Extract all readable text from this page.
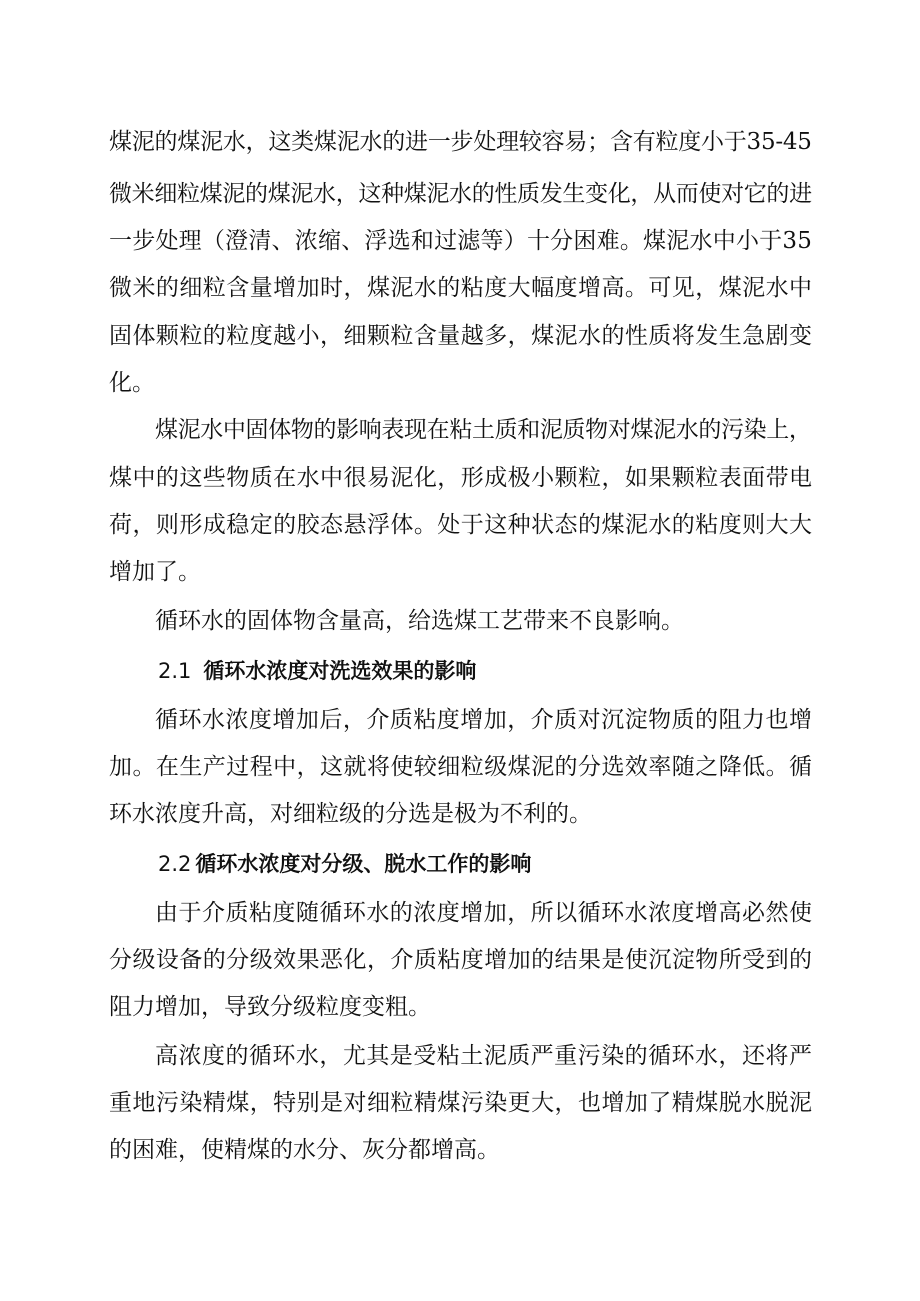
煤泥的煤泥水，这类煤泥水的进一步处理较容易；含有粒度小于35-45
微米细粒煤泥的煤泥水，这种煤泥水的性质发生变化，从而使对它的进
一步处理（澄清、浓缩、浮选和过滤等）十分困难。煤泥水中小于35
微米的细粒含量增加时，煤泥水的粘度大幅度增高。可见，煤泥水中
固体颗粒的粒度越小，细颗粒含量越多，煤泥水的性质将发生急剧变
化。
煤泥水中固体物的影响表现在粘土质和泥质物对煤泥水的污染上，
煤中的这些物质在水中很易泥化，形成极小颗粒，如果颗粒表面带电
荷，则形成稳定的胶态悬浮体。处于这种状态的煤泥水的粘度则大大
增加了。
循环水的固体物含量高，给选煤工艺带来不良影响。
2.1 循环水浓度对洗选效果的影响
循环水浓度增加后，介质粘度增加，介质对沉淀物质的阻力也增
加。在生产过程中，这就将使较细粒级煤泥的分选效率随之降低。循
环水浓度升高，对细粒级的分选是极为不利的。
2.2 循环水浓度对分级、脱水工作的影响
由于介质粘度随循环水的浓度增加，所以循环水浓度增高必然使
分级设备的分级效果恶化，介质粘度增加的结果是使沉淀物所受到的
阻力增加，导致分级粒度变粗。
高浓度的循环水，尤其是受粘土泥质严重污染的循环水，还将严
重地污染精煤，特别是对细粒精煤污染更大，也增加了精煤脱水脱泥
的困难，使精煤的水分、灰分都增高。
